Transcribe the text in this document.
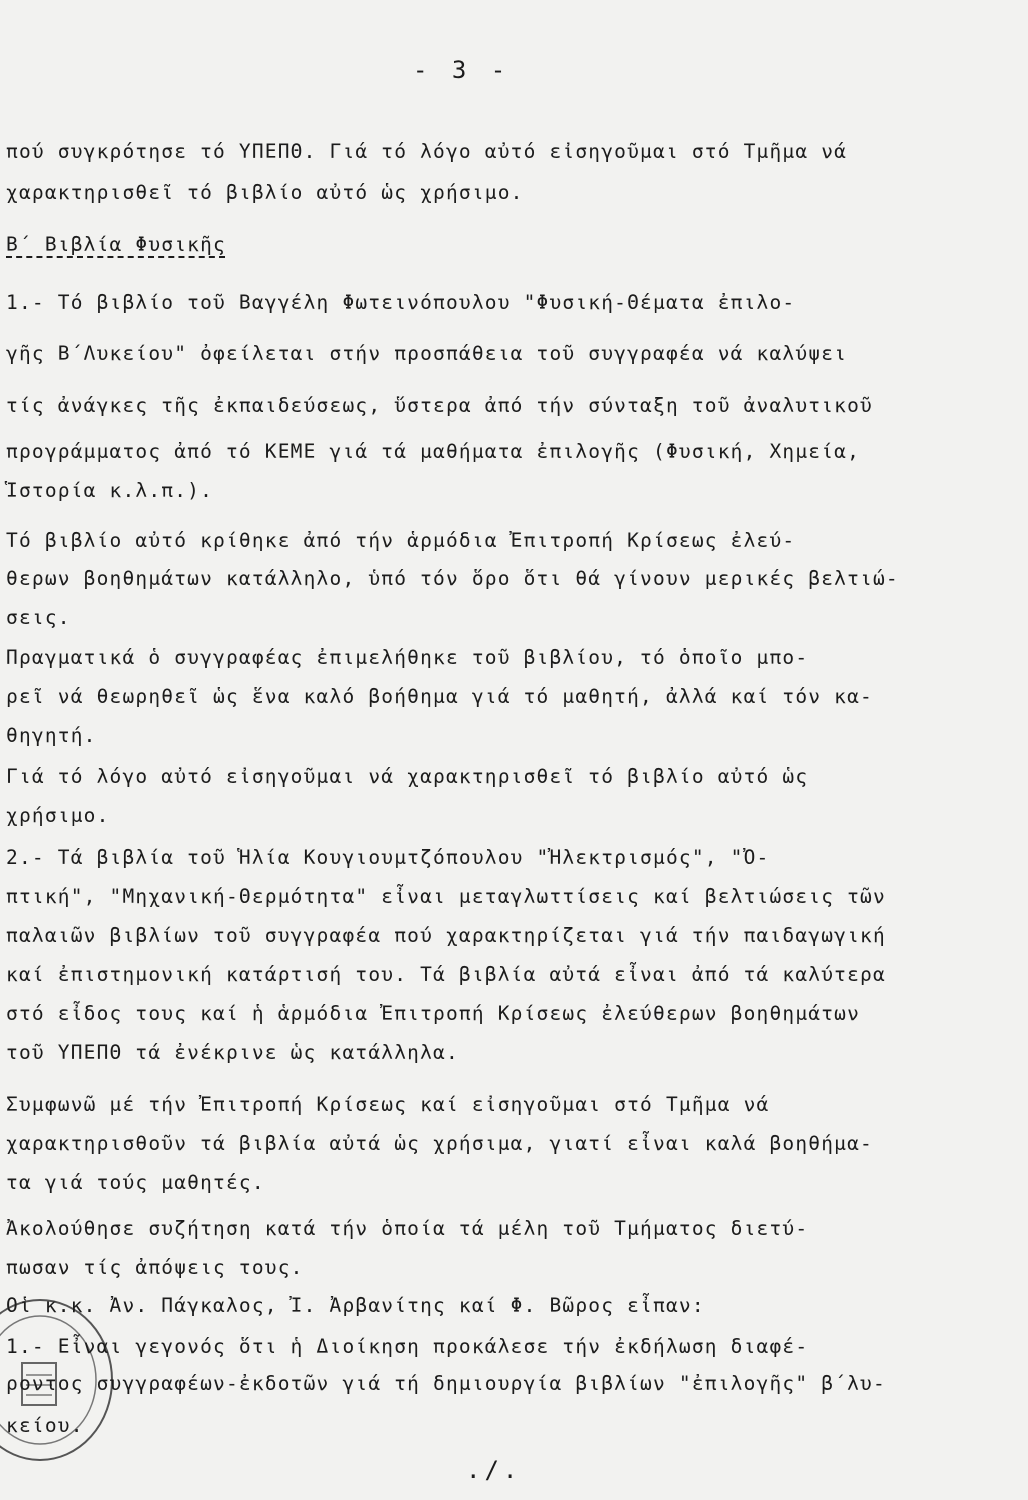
- 3 -
πού συγκρότησε τό ΥΠΕΠΘ. Γιά τό λόγο αὐτό εἰσηγοῦμαι στό Τμῆμα νά
χαρακτηρισθεῖ τό βιβλίο αὐτό ὡς χρήσιμο.
Β΄ Βιβλία Φυσικῆς
1.- Τό βιβλίο τοῦ Βαγγέλη Φωτεινόπουλου "Φυσική-Θέματα ἐπιλο-
γῆς Β΄Λυκείου" ὀφείλεται στήν προσπάθεια τοῦ συγγραφέα νά καλύψει
τίς ἀνάγκες τῆς ἐκπαιδεύσεως, ὕστερα ἀπό τήν σύνταξη τοῦ ἀναλυτικοῦ
προγράμματος ἀπό τό ΚΕΜΕ γιά τά μαθήματα ἐπιλογῆς (Φυσική, Χημεία,
Ἱστορία κ.λ.π.).
Τό βιβλίο αὐτό κρίθηκε ἀπό τήν ἁρμόδια Ἐπιτροπή Κρίσεως ἐλεύ-
θερων βοηθημάτων κατάλληλο, ὑπό τόν ὅρο ὅτι θά γίνουν μερικές βελτιώ-
σεις.
Πραγματικά ὁ συγγραφέας ἐπιμελήθηκε τοῦ βιβλίου, τό ὁποῖο μπο-
ρεῖ νά θεωρηθεῖ ὡς ἕνα καλό βοήθημα γιά τό μαθητή, ἀλλά καί τόν κα-
θηγητή.
Γιά τό λόγο αὐτό εἰσηγοῦμαι νά χαρακτηρισθεῖ τό βιβλίο αὐτό ὡς
χρήσιμο.
2.- Τά βιβλία τοῦ Ἡλία Κουγιουμτζόπουλου "Ἠλεκτρισμός", "Ὀ-
πτική", "Μηχανική-Θερμότητα" εἶναι μεταγλωττίσεις καί βελτιώσεις τῶν
παλαιῶν βιβλίων τοῦ συγγραφέα πού χαρακτηρίζεται γιά τήν παιδαγωγική
καί ἐπιστημονική κατάρτισή του. Τά βιβλία αὐτά εἶναι ἀπό τά καλύτερα
στό εἶδος τους καί ἡ ἁρμόδια Ἐπιτροπή Κρίσεως ἐλεύθερων βοηθημάτων
τοῦ ΥΠΕΠΘ τά ἐνέκρινε ὡς κατάλληλα.
Συμφωνῶ μέ τήν Ἐπιτροπή Κρίσεως καί εἰσηγοῦμαι στό Τμῆμα νά
χαρακτηρισθοῦν τά βιβλία αὐτά ὡς χρήσιμα, γιατί εἶναι καλά βοηθήμα-
τα γιά τούς μαθητές.
Ἀκολούθησε συζήτηση κατά τήν ὁποία τά μέλη τοῦ Τμήματος διετύ-
πωσαν τίς ἀπόψεις τους.
Οἱ κ.κ. Ἀν. Πάγκαλος, Ἰ. Ἀρβανίτης καί Φ. Βῶρος εἶπαν:
1.- Εἶναι γεγονός ὅτι ἡ Διοίκηση προκάλεσε τήν ἐκδήλωση διαφέ-
ροντος συγγραφέων-ἐκδοτῶν γιά τή δημιουργία βιβλίων "ἐπιλογῆς" β΄λυ-
κείου.
./.
